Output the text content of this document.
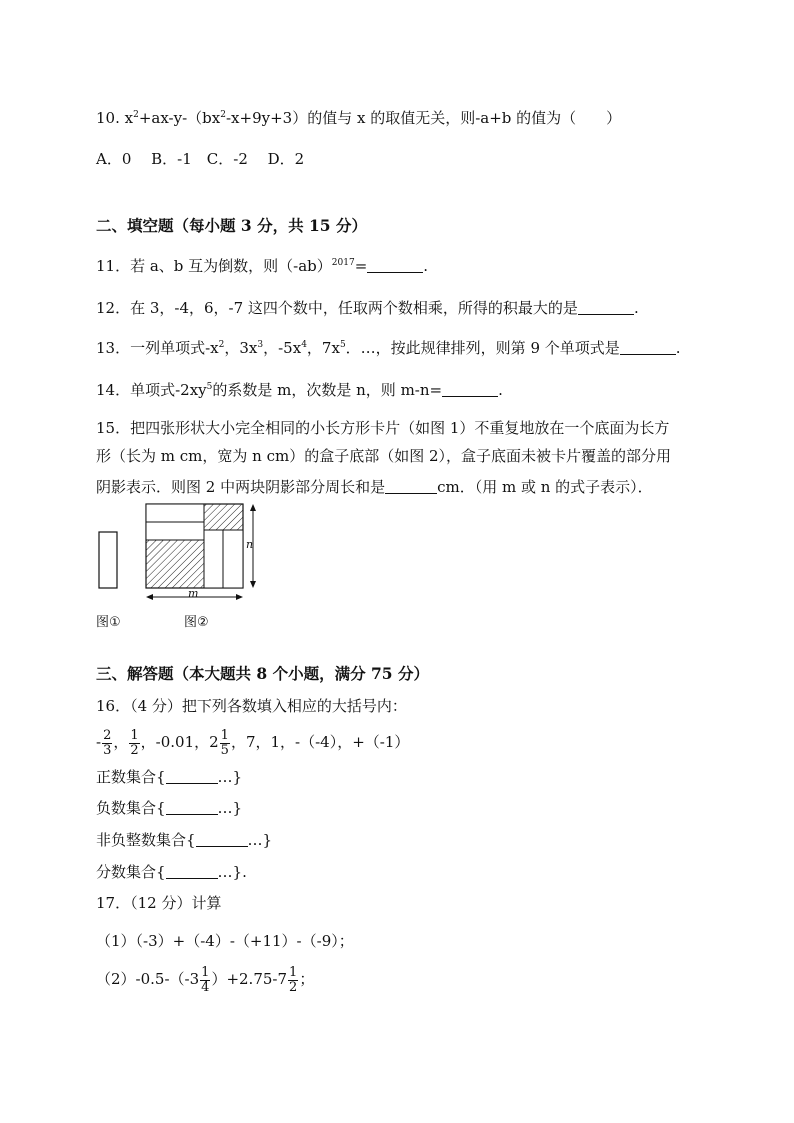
10. $x^2+ax-y-(bx^2-x+9y+3)$的值与 x 的取值无关，则-a+b 的值为（　　）
A．0　 B．-1　C．-2　 D．2
二、填空题（每小题 3 分，共 15 分）
11．若 a、b 互为倒数，则$(-ab)^{2017}=$	.
12．在 3，-4，6，-7 这四个数中，任取两个数相乘，所得的积最大的是	.
13．一列单项式$-x^2$，$3x^3$，$-5x^4$，$7x^5$．…，按此规律排列，则第 9 个单项式是	.
14．单项式$-2xy^5$的系数是 m，次数是 n，则 m-n=	.
15．把四张形状大小完全相同的小长方形卡片（如图 1）不重复地放在一个底面为长方
形（长为 m cm，宽为 n cm）的盒子底部（如图 2），盒子底面未被卡片覆盖的部分用
阴影表示．则图 2 中两块阴影部分周长和是	cm．（用 m 或 n 的式子表示）．
n
m
图①	图②
三、解答题（本大题共 8 个小题，满分 75 分）
16．（4 分）把下列各数填入相应的大括号内：
- $\frac{2}{3}$ ， $\frac{1}{2}$ ，-0.01，$2 \frac{1}{5}$ ，7，1，-（-4），+（-1）
正数集合{	…}
负数集合{	…}
非负整数集合{	…}
分数集合{	…}.
17．（12 分）计算
（1）（-3）+（-4）-（+11）-（-9）；
$(2)-0.5-(-3 \frac{1}{4} )+2.75-7 \frac{1}{2}$ ；
